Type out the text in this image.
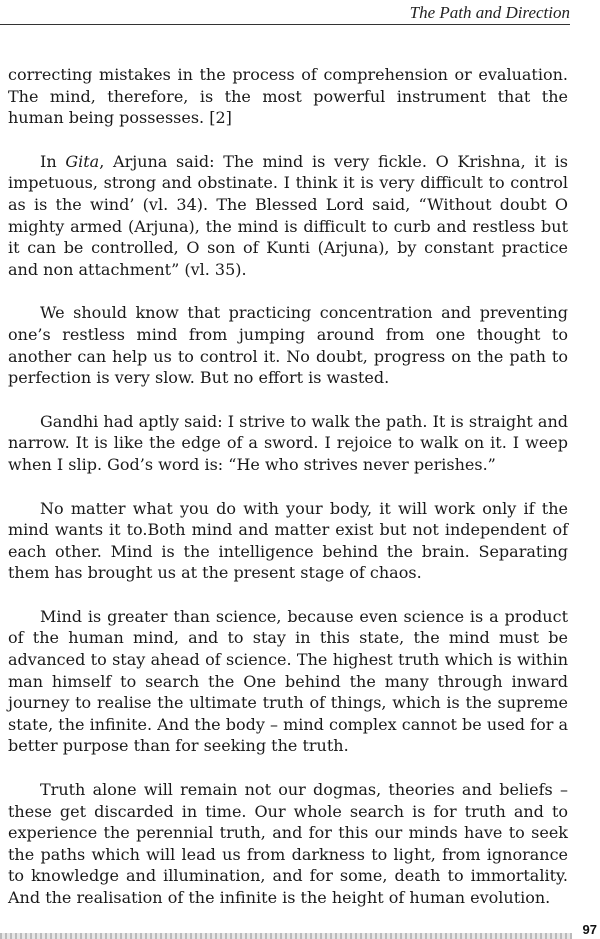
The Path and Direction

correcting mistakes in the process of comprehension or evaluation. The mind, therefore, is the most powerful instrument that the human being possesses. [2]

In Gita, Arjuna said: The mind is very fickle. O Krishna, it is impetuous, strong and obstinate. I think it is very difficult to control as is the wind’ (vl. 34). The Blessed Lord said, “Without doubt O mighty armed (Arjuna), the mind is difficult to curb and restless but it can be controlled, O son of Kunti (Arjuna), by constant practice and non attachment” (vl. 35).

We should know that practicing concentration and preventing one’s restless mind from jumping around from one thought to another can help us to control it. No doubt, progress on the path to perfection is very slow. But no effort is wasted.

Gandhi had aptly said: I strive to walk the path. It is straight and narrow. It is like the edge of a sword. I rejoice to walk on it. I weep when I slip. God’s word is: “He who strives never perishes.”

No matter what you do with your body, it will work only if the mind wants it to.Both mind and matter exist but not independent of each other. Mind is the intelligence behind the brain. Separating them has brought us at the present stage of chaos.

Mind is greater than science, because even science is a product of the human mind, and to stay in this state, the mind must be advanced to stay ahead of science. The highest truth which is within man himself to search the One behind the many through inward journey to realise the ultimate truth of things, which is the supreme state, the infinite. And the body – mind complex cannot be used for a better purpose than for seeking the truth.

Truth alone will remain not our dogmas, theories and beliefs – these get discarded in time. Our whole search is for truth and to experience the perennial truth, and for this our minds have to seek the paths which will lead us from darkness to light, from ignorance to knowledge and illumination, and for some, death to immortality. And the realisation of the infinite is the height of human evolution.

97
